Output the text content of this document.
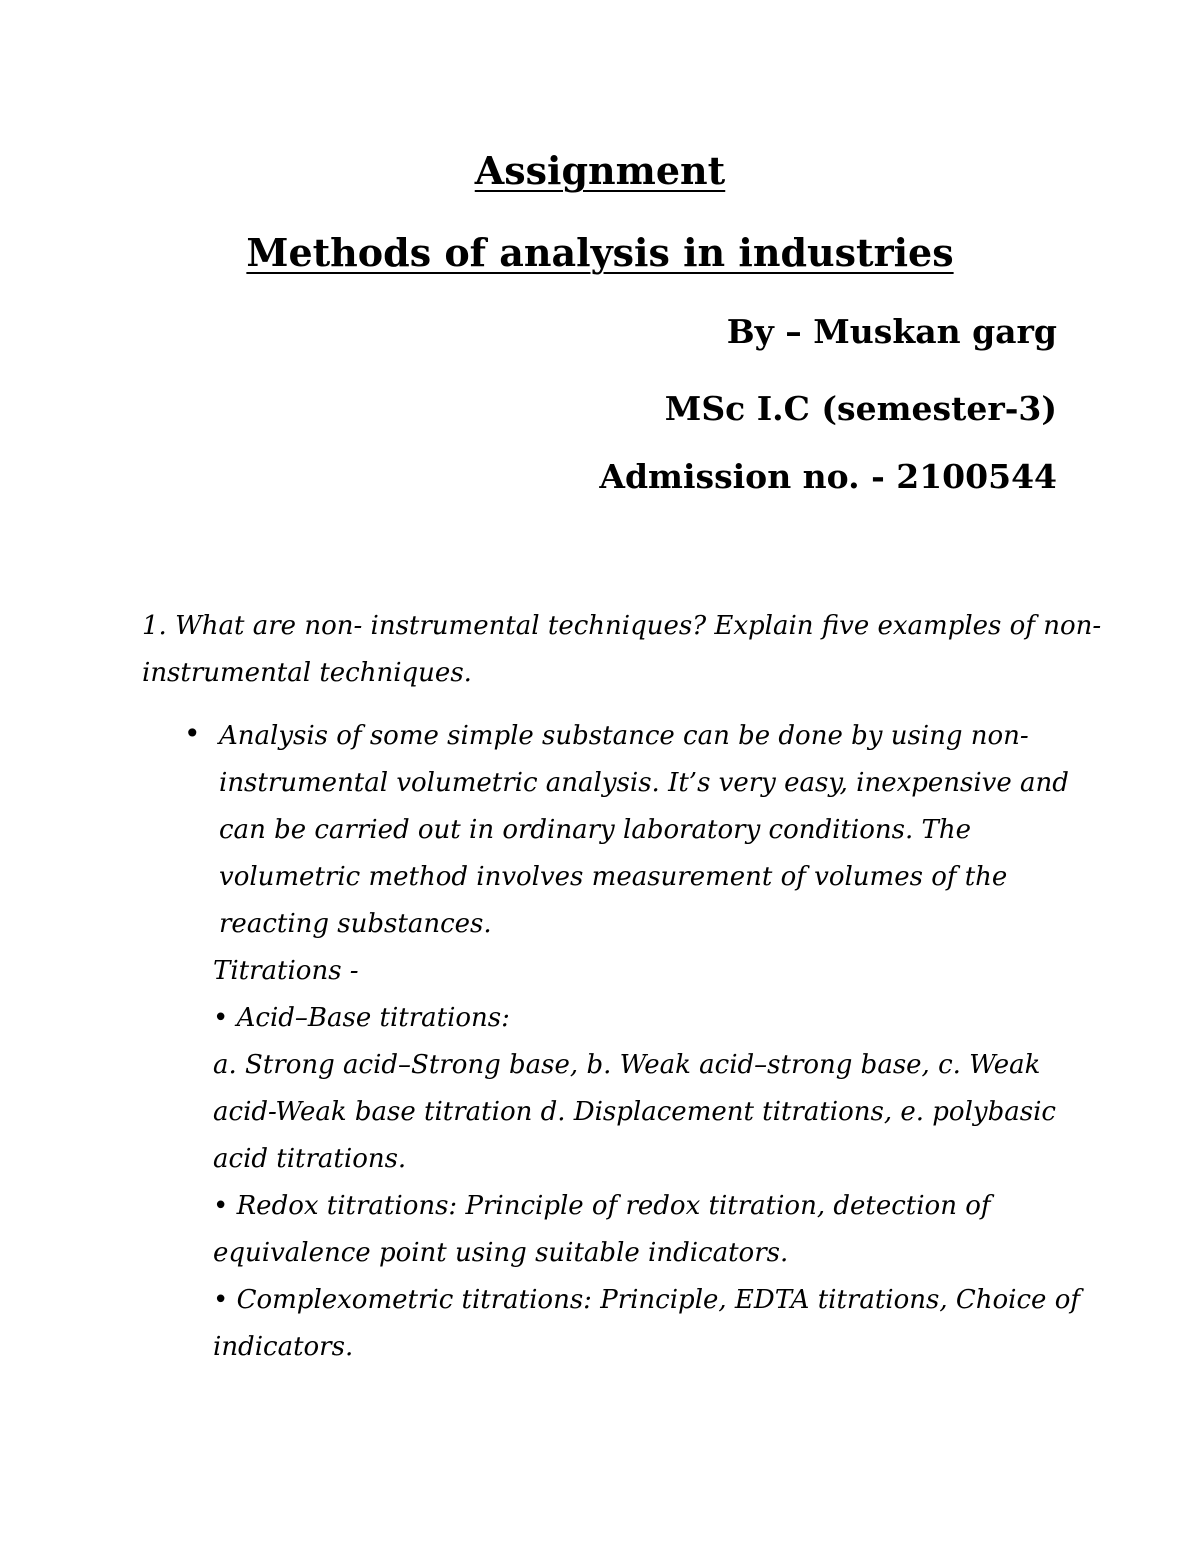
Assignment
Methods of analysis in industries
By – Muskan garg
MSc I.C (semester-3)
Admission no. - 2100544
1. What are non- instrumental techniques? Explain five examples of non- instrumental techniques.
• Analysis of some simple substance can be done by using non-instrumental volumetric analysis. It’s very easy, inexpensive and can be carried out in ordinary laboratory conditions. The volumetric method involves measurement of volumes of the reacting substances.

Titrations -

• Acid–Base titrations:

a. Strong acid–Strong base, b. Weak acid–strong base, c. Weak acid-Weak base titration d. Displacement titrations, e. polybasic acid titrations.

• Redox titrations: Principle of redox titration, detection of equivalence point using suitable indicators.

• Complexometric titrations: Principle, EDTA titrations, Choice of indicators.
